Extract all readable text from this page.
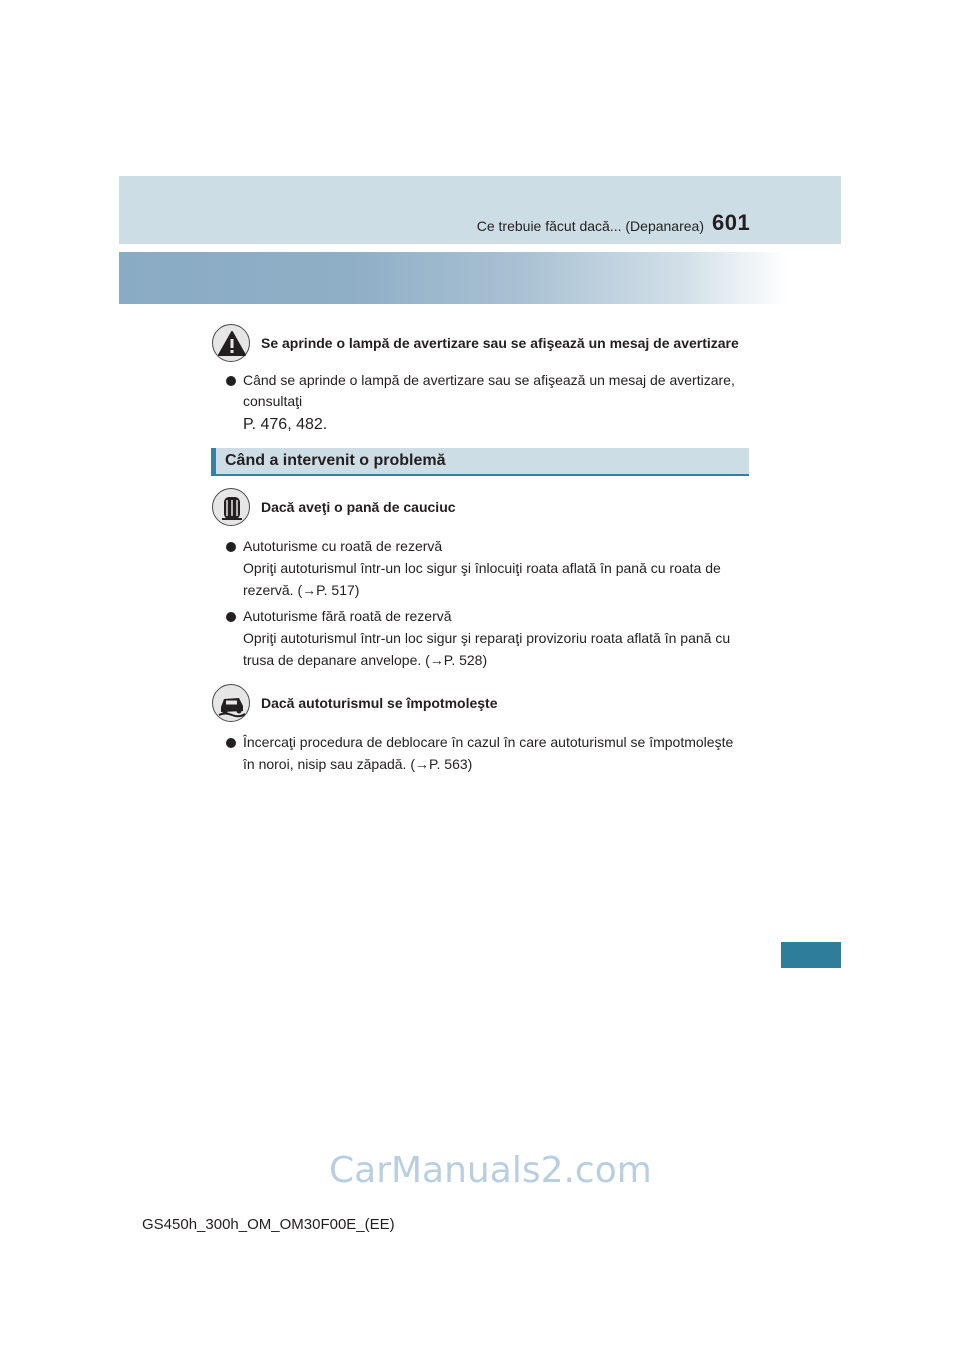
Ce trebuie făcut dacă... (Depanarea) 601
Se aprinde o lampă de avertizare sau se afişează un mesaj de avertizare
Când se aprinde o lampă de avertizare sau se afişează un mesaj de avertizare,
consultaţi
P. 476, 482.
Când a intervenit o problemă
Dacă aveţi o pană de cauciuc
Autoturisme cu roată de rezervă
Opriţi autoturismul într-un loc sigur şi înlocuiţi roata aflată în pană cu roata de
rezervă. (→P. 517)
Autoturisme fără roată de rezervă
Opriţi autoturismul într-un loc sigur şi reparaţi provizoriu roata aflată în pană cu
trusa de depanare anvelope. (→P. 528)
Dacă autoturismul se împotmoleşte
Încercaţi procedura de deblocare în cazul în care autoturismul se împotmoleşte
în noroi, nisip sau zăpadă. (→P. 563)
CarManuals2.com
GS450h_300h_OM_OM30F00E_(EE)
